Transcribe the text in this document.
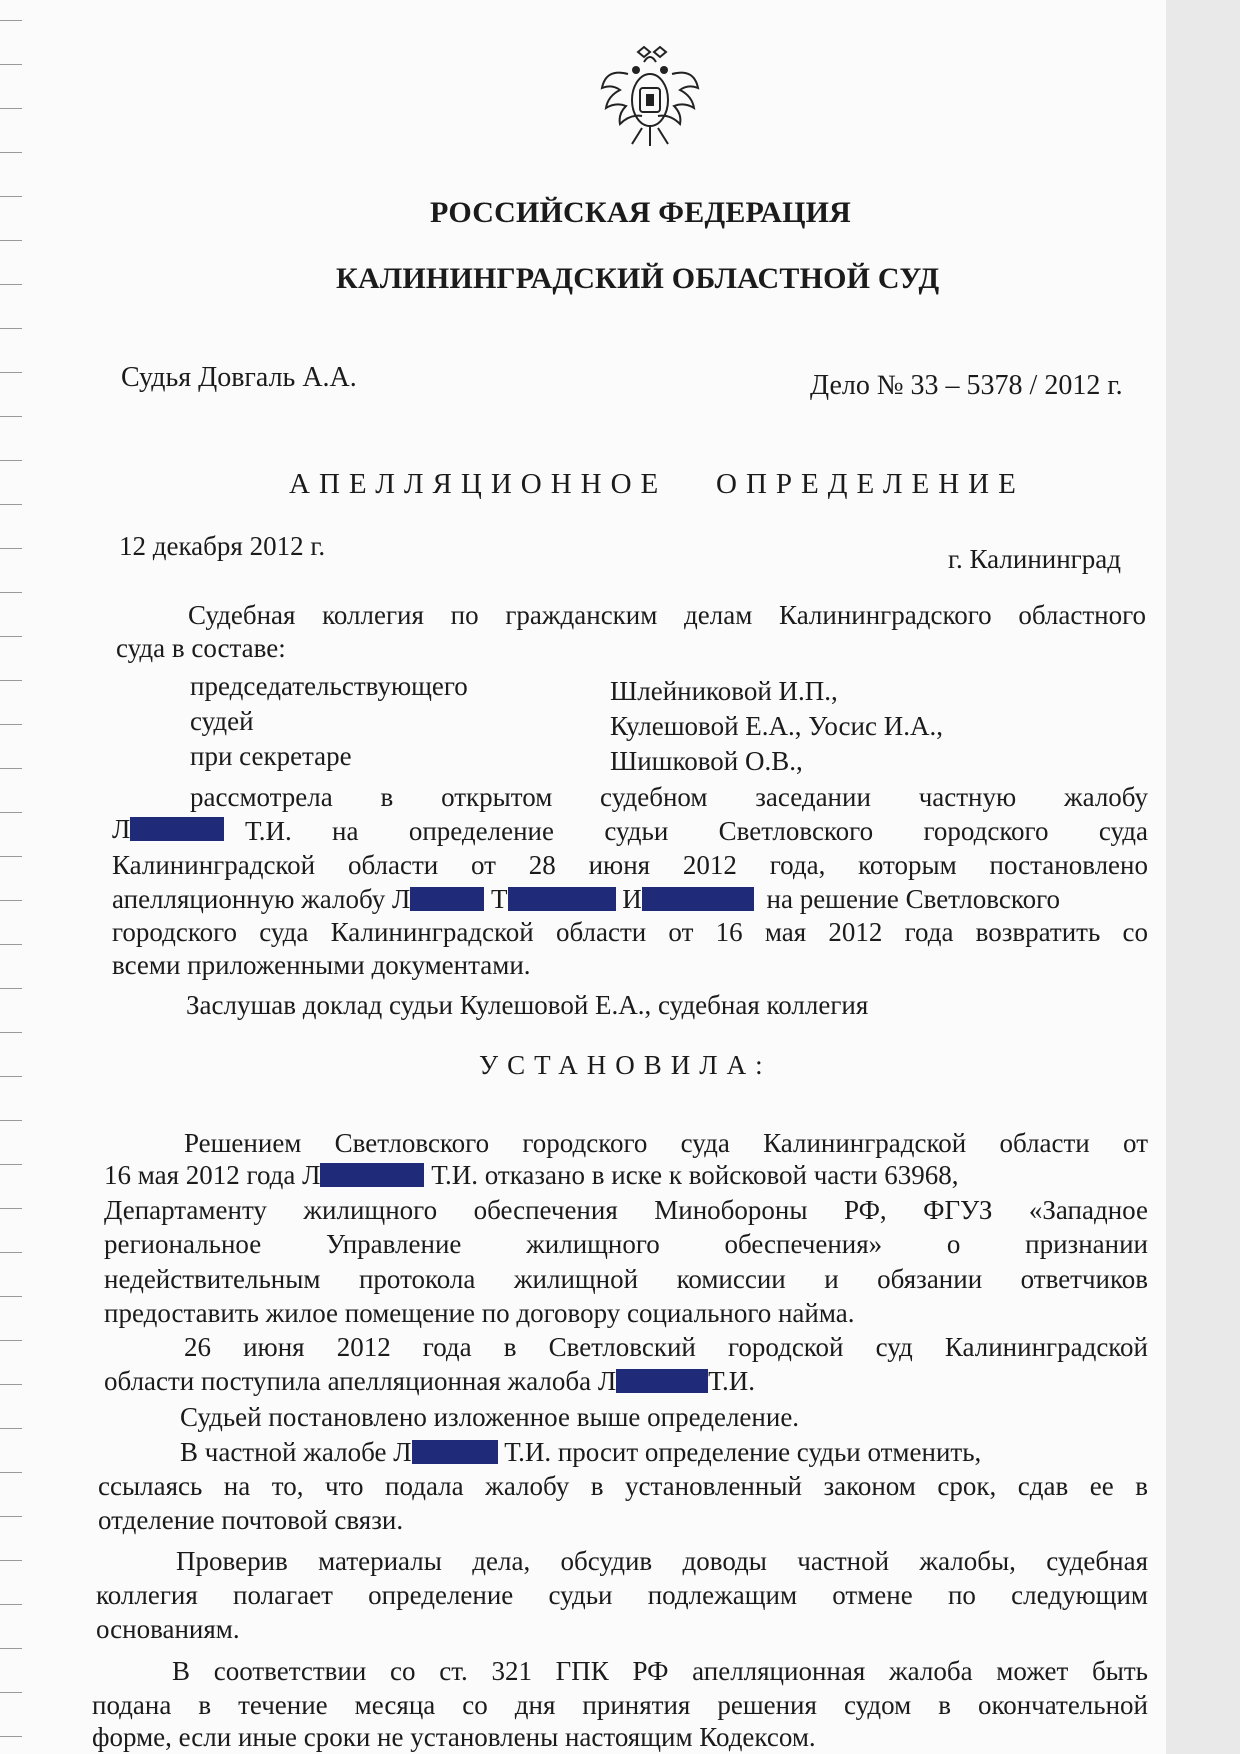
РОССИЙСКАЯ ФЕДЕРАЦИЯ
КАЛИНИНГРАДСКИЙ ОБЛАСТНОЙ СУД
Судья Довгаль А.А.	Дело № 33 – 5378 / 2012 г.
АПЕЛЛЯЦИОННОЕ   ОПРЕДЕЛЕНИЕ
12 декабря 2012 г.	г. Калининград
Судебная коллегия по гражданским делам Калининградского областного
суда в составе:
председательствующего	Шлейниковой И.П.,
судей	Кулешовой Е.А., Уосис И.А.,
при секретаре	Шишковой О.В.,
рассмотрела в открытом судебном заседании частную жалобу
Л	Т.И. на определение судьи Светловского городского суда
Калининградской области от 28 июня 2012 года, которым постановлено
апелляционную жалобу Л	Т	И	на решение Светловского
городского суда Калининградской области от 16 мая 2012 года возвратить со
всеми приложенными документами.
Заслушав доклад судьи Кулешовой Е.А., судебная коллегия
УСТАНОВИЛА:
Решением Светловского городского суда Калининградской области от
16 мая 2012 года Л	Т.И. отказано в иске к войсковой части 63968,
Департаменту жилищного обеспечения Минобороны РФ, ФГУЗ «Западное
региональное Управление жилищного обеспечения» о признании
недействительным протокола жилищной комиссии и обязании ответчиков
предоставить жилое помещение по договору социального найма.
26 июня 2012 года в Светловский городской суд Калининградской
области поступила апелляционная жалоба Л	Т.И.
Судьей постановлено изложенное выше определение.
В частной жалобе Л	Т.И. просит определение судьи отменить,
ссылаясь на то, что подала жалобу в установленный законом срок, сдав ее в
отделение почтовой связи.
Проверив материалы дела, обсудив доводы частной жалобы, судебная
коллегия полагает определение судьи подлежащим отмене по следующим
основаниям.
В соответствии со ст. 321 ГПК РФ апелляционная жалоба может быть
подана в течение месяца со дня принятия решения судом в окончательной
форме, если иные сроки не установлены настоящим Кодексом.
